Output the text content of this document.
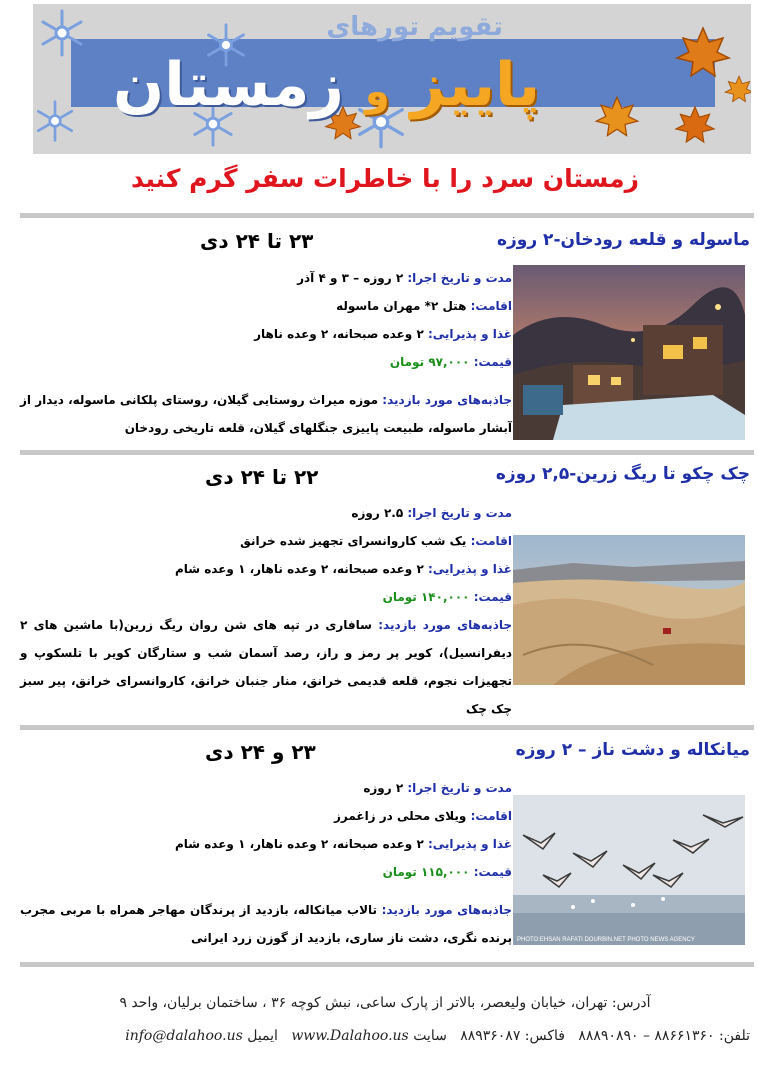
تقویم تورهای
پاییز و زمستان
زمستان سرد را با خاطرات سفر گرم کنید
ماسوله و قلعه رودخان-۲ روزه
۲۳ تا ۲۴ دی
مدت و تاریخ اجرا: ۲ روزه – ۳ و ۴ آذر
اقامت: هتل ۲* مهران ماسوله
غذا و پذیرایی: ۲ وعده صبحانه، ۲ وعده ناهار
قیمت: ۹۷,۰۰۰ تومان
جاذبه‌های مورد بازدید: موزه میراث روستایی گیلان، روستای پلکانی ماسوله، دیدار از آبشار ماسوله، طبیعت پاییزی جنگلهای گیلان، قلعه تاریخی رودخان
چک چکو تا ریگ زرین-۲,۵ روزه
۲۲ تا ۲۴ دی
مدت و تاریخ اجرا: ۲.۵ روزه
اقامت: یک شب کاروانسرای تجهیز شده خرانق
غذا و پذیرایی: ۲ وعده صبحانه، ۲ وعده ناهار، ۱ وعده شام
قیمت: ۱۴۰,۰۰۰ تومان
جاذبه‌های مورد بازدید: سافاری در تپه های شن روان ریگ زرین(با ماشین های ۲ دیفرانسیل)، کویر پر رمز و راز، رصد آسمان شب و ستارگان کویر با تلسکوپ و تجهیزات نجوم، قلعه قدیمی خرانق، منار جنبان خرانق، کاروانسرای خرانق، پیر سبز چک چک
میانکاله و دشت ناز – ۲ روزه
۲۳ و ۲۴ دی
PHOTO:EHSAN RAFATI DOURBIN.NET PHOTO NEWS AGENCY
مدت و تاریخ اجرا: ۲ روزه
اقامت: ویلای محلی در زاغمرز
غذا و پذیرایی: ۲ وعده صبحانه، ۲ وعده ناهار، ۱ وعده شام
قیمت: ۱۱۵,۰۰۰ تومان
جاذبه‌های مورد بازدید: تالاب میانکاله، بازدید از پرندگان مهاجر همراه با مربی مجرب پرنده نگری، دشت ناز ساری، بازدید از گوزن زرد ایرانی
آدرس: تهران، خیابان ولیعصر، بالاتر از پارک ساعی، نبش کوچه ۳۶ ، ساختمان برلیان، واحد ۹
تلفن: ۸۸۶۶۱۳۶۰ – ۸۸۸۹۰۸۹۰   فاکس: ۸۸۹۳۶۰۸۷   سایت www.Dalahoo.us   ایمیل info@dalahoo.us
